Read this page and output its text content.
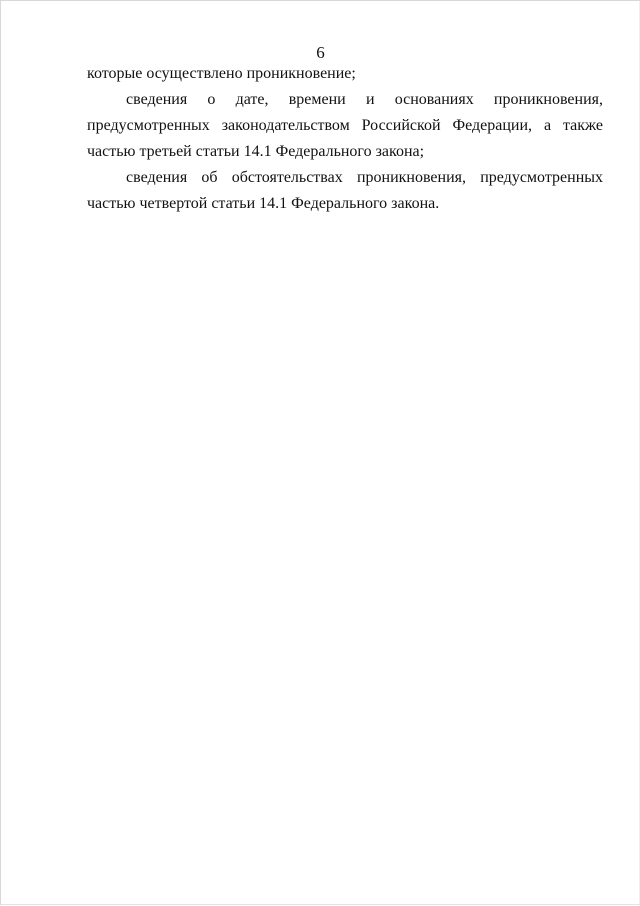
6

которые осуществлено проникновение;

сведения о дате, времени и основаниях проникновения, предусмотренных законодательством Российской Федерации, а также частью третьей статьи 14.1 Федерального закона;

сведения об обстоятельствах проникновения, предусмотренных частью четвертой статьи 14.1 Федерального закона.
